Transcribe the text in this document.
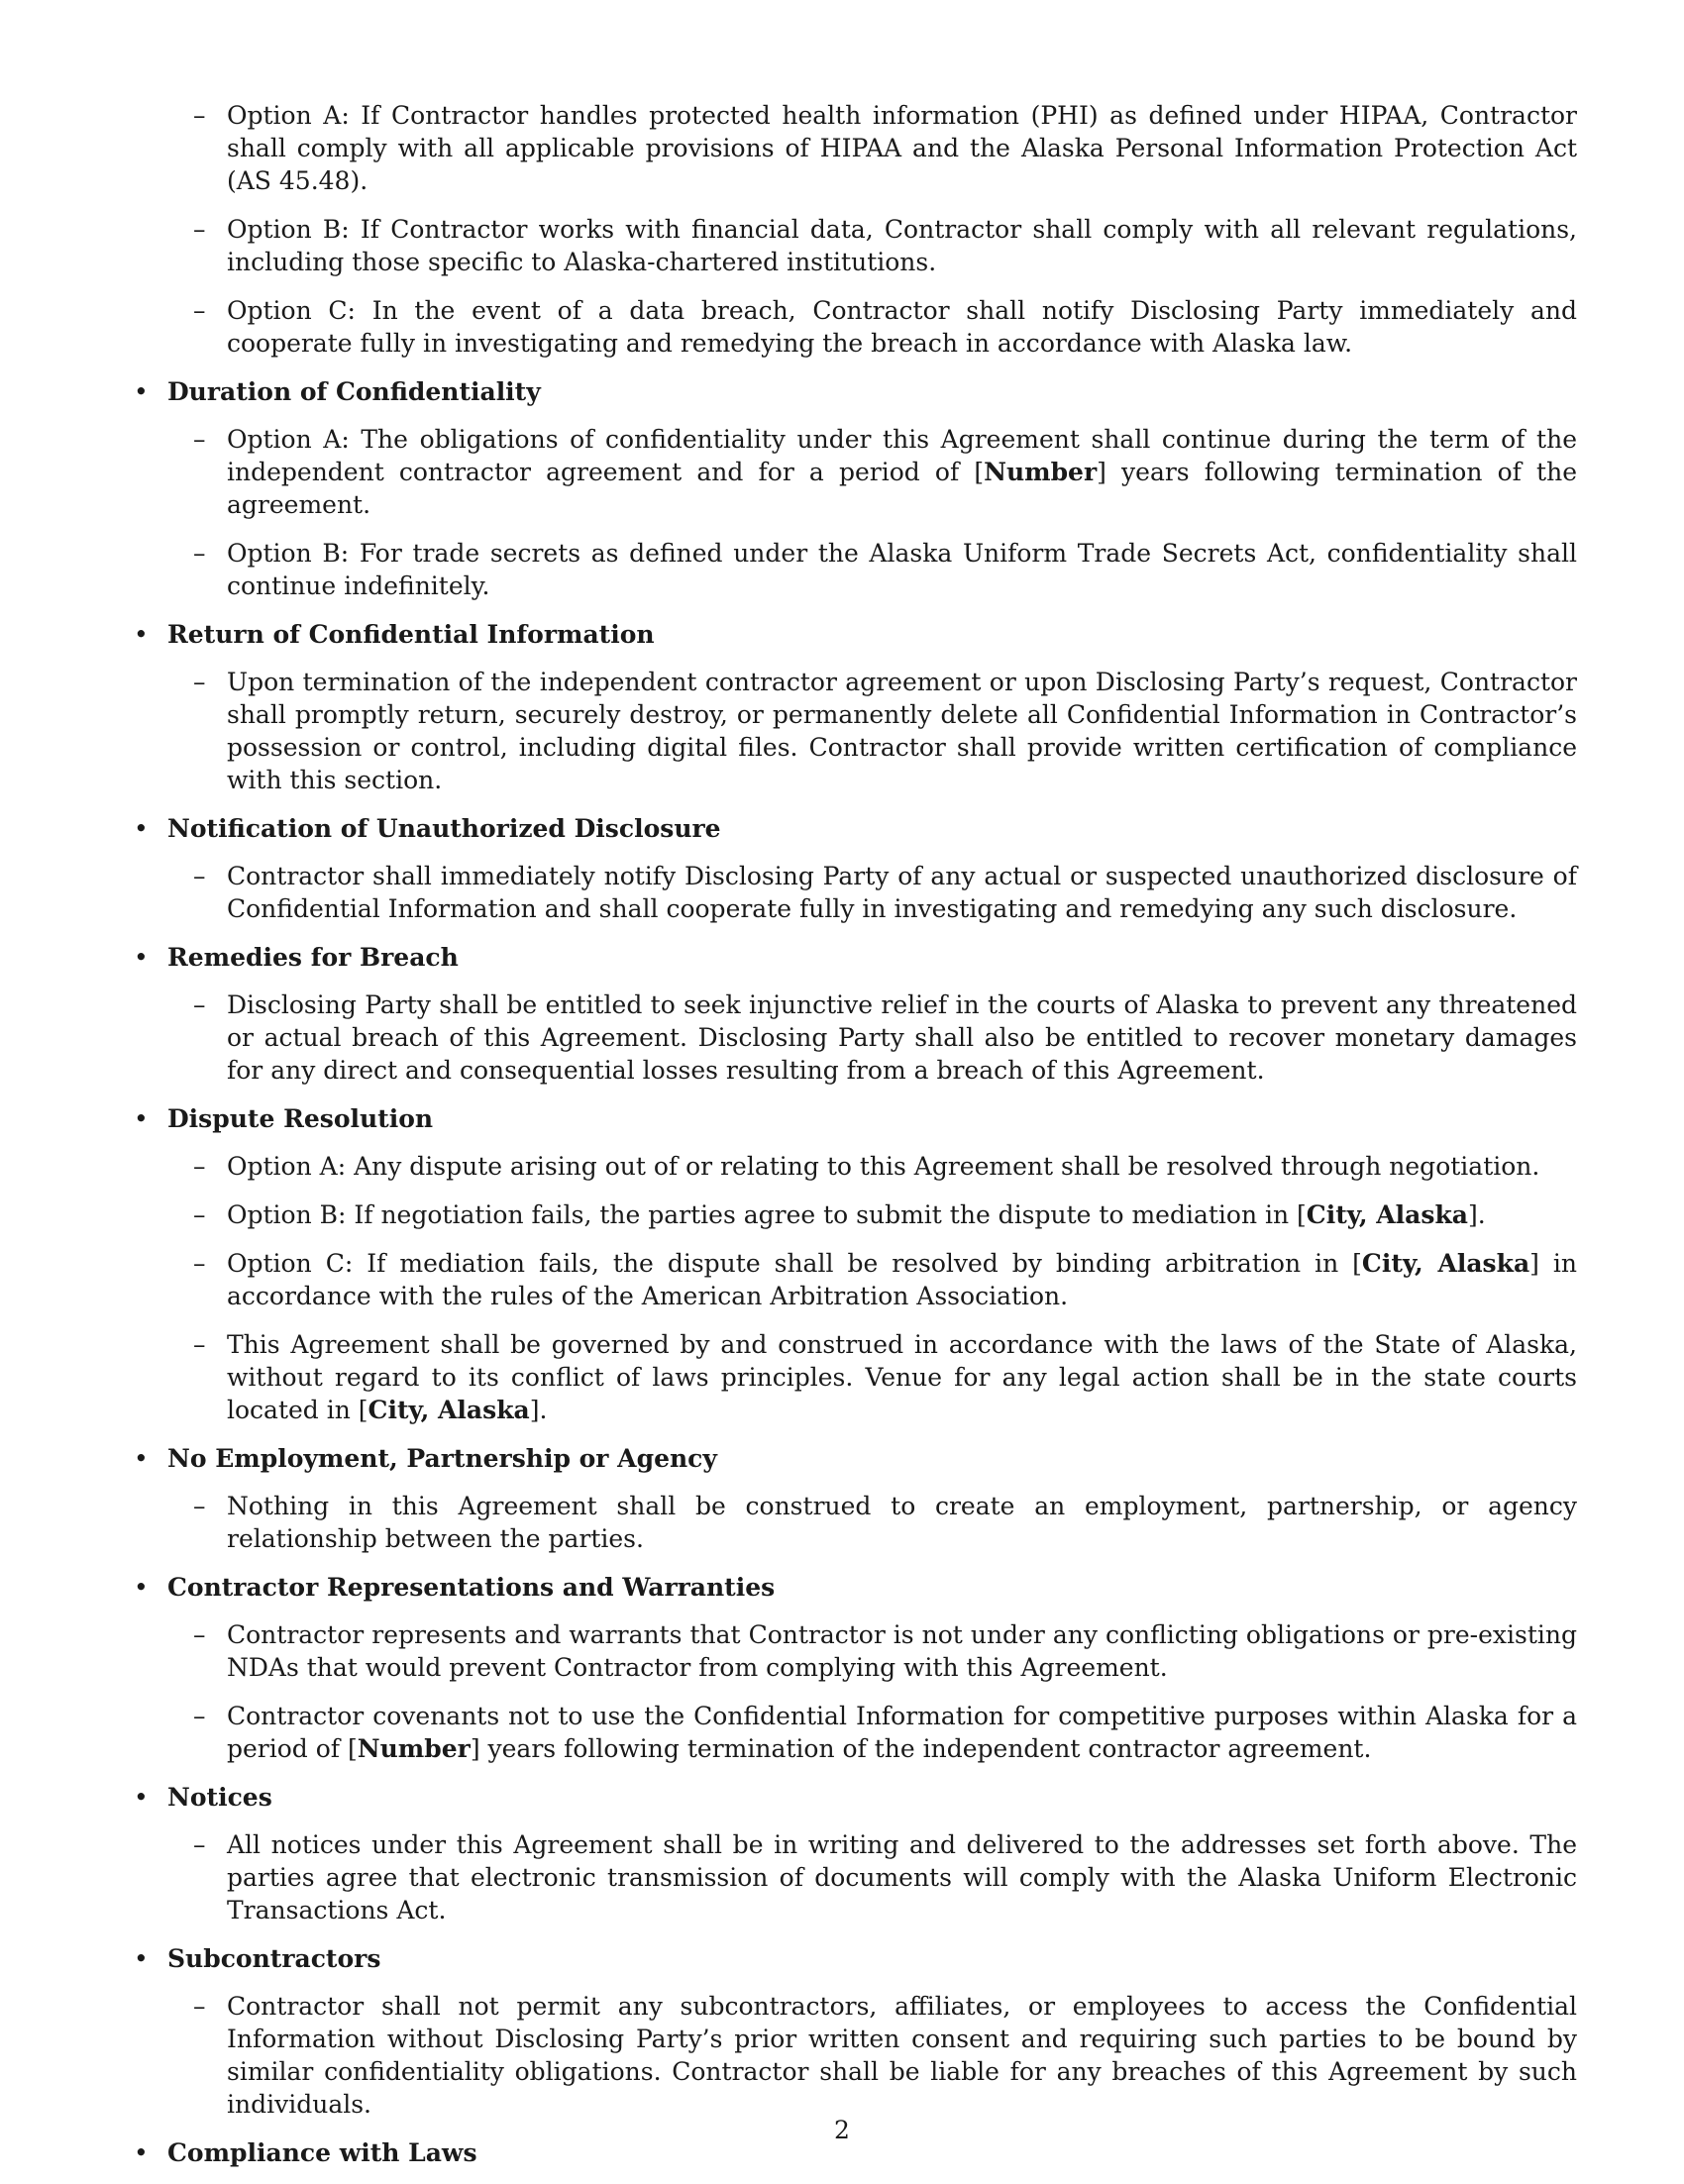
– Option A: If Contractor handles protected health information (PHI) as defined under HIPAA, Contractor shall comply with all applicable provisions of HIPAA and the Alaska Personal Information Protection Act (AS 45.48).
– Option B: If Contractor works with financial data, Contractor shall comply with all relevant regulations, including those specific to Alaska-chartered institutions.
– Option C: In the event of a data breach, Contractor shall notify Disclosing Party immediately and cooperate fully in investigating and remedying the breach in accordance with Alaska law.
• Duration of Confidentiality
– Option A: The obligations of confidentiality under this Agreement shall continue during the term of the independent contractor agreement and for a period of [Number] years following termination of the agreement.
– Option B: For trade secrets as defined under the Alaska Uniform Trade Secrets Act, confidentiality shall continue indefinitely.
• Return of Confidential Information
– Upon termination of the independent contractor agreement or upon Disclosing Party’s request, Contractor shall promptly return, securely destroy, or permanently delete all Confidential Information in Contractor’s possession or control, including digital files. Contractor shall provide written certification of compliance with this section.
• Notification of Unauthorized Disclosure
– Contractor shall immediately notify Disclosing Party of any actual or suspected unauthorized disclosure of Confidential Information and shall cooperate fully in investigating and remedying any such disclosure.
• Remedies for Breach
– Disclosing Party shall be entitled to seek injunctive relief in the courts of Alaska to prevent any threatened or actual breach of this Agreement. Disclosing Party shall also be entitled to recover monetary damages for any direct and consequential losses resulting from a breach of this Agreement.
• Dispute Resolution
– Option A: Any dispute arising out of or relating to this Agreement shall be resolved through negotiation.
– Option B: If negotiation fails, the parties agree to submit the dispute to mediation in [City, Alaska].
– Option C: If mediation fails, the dispute shall be resolved by binding arbitration in [City, Alaska] in accordance with the rules of the American Arbitration Association.
– This Agreement shall be governed by and construed in accordance with the laws of the State of Alaska, without regard to its conflict of laws principles. Venue for any legal action shall be in the state courts located in [City, Alaska].
• No Employment, Partnership or Agency
– Nothing in this Agreement shall be construed to create an employment, partnership, or agency relationship between the parties.
• Contractor Representations and Warranties
– Contractor represents and warrants that Contractor is not under any conflicting obligations or pre-existing NDAs that would prevent Contractor from complying with this Agreement.
– Contractor covenants not to use the Confidential Information for competitive purposes within Alaska for a period of [Number] years following termination of the independent contractor agreement.
• Notices
– All notices under this Agreement shall be in writing and delivered to the addresses set forth above. The parties agree that electronic transmission of documents will comply with the Alaska Uniform Electronic Transactions Act.
• Subcontractors
– Contractor shall not permit any subcontractors, affiliates, or employees to access the Confidential Information without Disclosing Party’s prior written consent and requiring such parties to be bound by similar confidentiality obligations. Contractor shall be liable for any breaches of this Agreement by such individuals.
• Compliance with Laws
2
